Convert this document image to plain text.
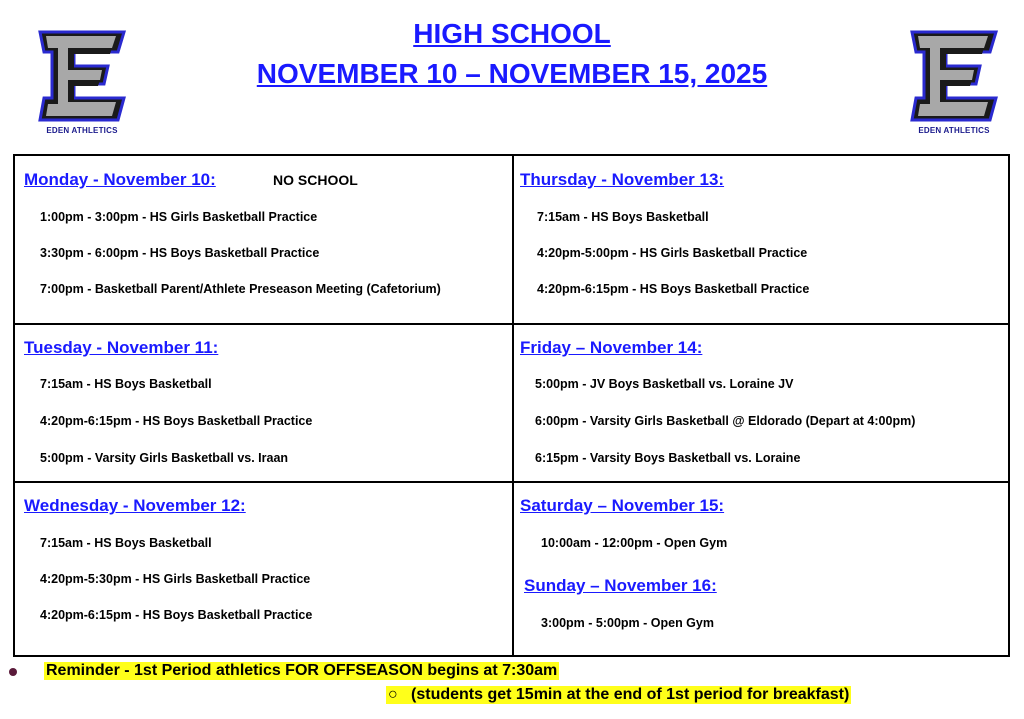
HIGH SCHOOL
NOVEMBER 10 – NOVEMBER 15, 2025
EDEN ATHLETICS	EDEN ATHLETICS
Monday - November 10:	NO SCHOOL
1:00pm - 3:00pm - HS Girls Basketball Practice
3:30pm - 6:00pm - HS Boys Basketball Practice
7:00pm - Basketball Parent/Athlete Preseason Meeting (Cafetorium)
Thursday - November 13:
7:15am - HS Boys Basketball
4:20pm-5:00pm - HS Girls Basketball Practice
4:20pm-6:15pm - HS Boys Basketball Practice
Tuesday - November 11:
7:15am - HS Boys Basketball
4:20pm-6:15pm - HS Boys Basketball Practice
5:00pm - Varsity Girls Basketball vs. Iraan
Friday – November 14:
5:00pm - JV Boys Basketball vs. Loraine JV
6:00pm - Varsity Girls Basketball @ Eldorado (Depart at 4:00pm)
6:15pm - Varsity Boys Basketball vs. Loraine
Wednesday - November 12:
7:15am - HS Boys Basketball
4:20pm-5:30pm - HS Girls Basketball Practice
4:20pm-6:15pm - HS Boys Basketball Practice
Saturday – November 15:
10:00am - 12:00pm - Open Gym
Sunday – November 16:
3:00pm - 5:00pm - Open Gym
Reminder - 1st Period athletics FOR OFFSEASON begins at 7:30am
○ (students get 15min at the end of 1st period for breakfast)
